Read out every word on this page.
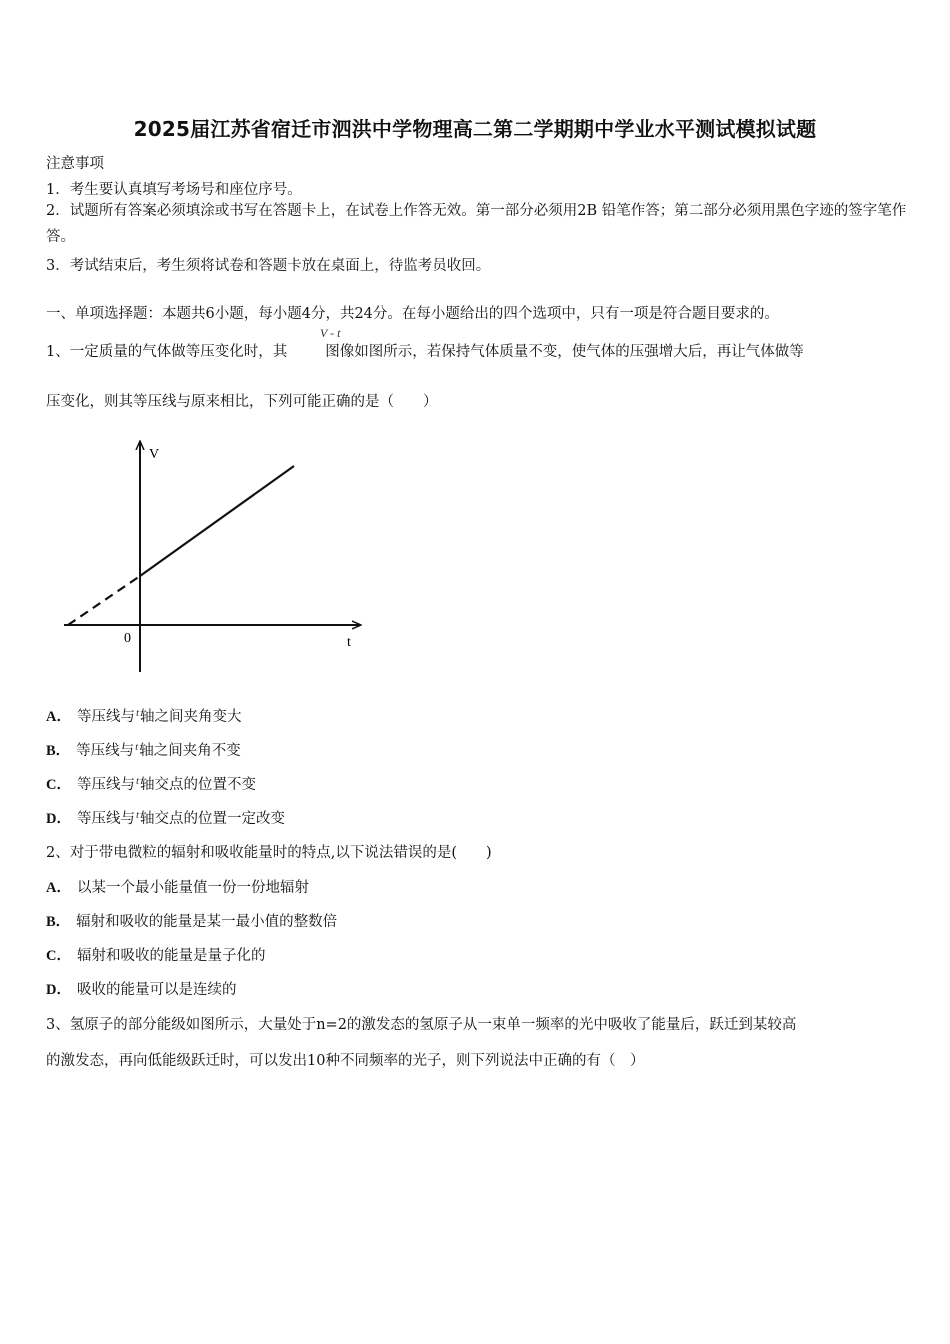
2025届江苏省宿迁市泗洪中学物理高二第二学期期中学业水平测试模拟试题
注意事项
1．考生要认真填写考场号和座位序号。
2．试题所有答案必须填涂或书写在答题卡上，在试卷上作答无效。第一部分必须用2B 铅笔作答；第二部分必须用黑色字迹的签字笔作答。
3．考试结束后，考生须将试卷和答题卡放在桌面上，待监考员收回。
一、单项选择题：本题共6小题，每小题4分，共24分。在每小题给出的四个选项中，只有一项是符合题目要求的。
1、一定质量的气体做等压变化时，其	图像如图所示，若保持气体质量不变，使气体的压强增大后，再让气体做等
V - t
压变化，则其等压线与原来相比，下列可能正确的是（　　）
V
t
0
A． 等压线与$^t$轴之间夹角变大
B． 等压线与$^t$轴之间夹角不变
C． 等压线与$^t$轴交点的位置不变
D． 等压线与$^t$轴交点的位置一定改变
2、对于带电微粒的辐射和吸收能量时的特点,以下说法错误的是(　　)
A． 以某一个最小能量值一份一份地辐射
B． 辐射和吸收的能量是某一最小值的整数倍
C． 辐射和吸收的能量是量子化的
D． 吸收的能量可以是连续的
3、氢原子的部分能级如图所示，大量处于n=2的激发态的氢原子从一束单一频率的光中吸收了能量后，跃迁到某较高
的激发态，再向低能级跃迁时，可以发出10种不同频率的光子，则下列说法中正确的有（　）
